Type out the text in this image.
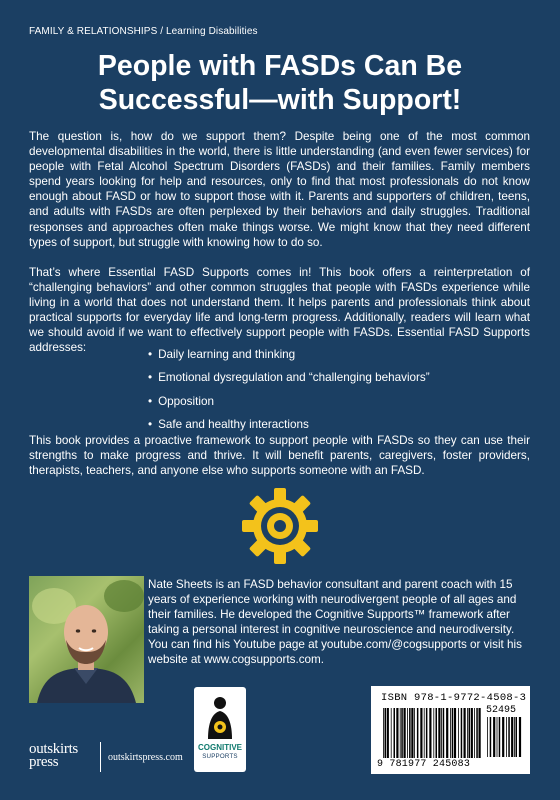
FAMILY & RELATIONSHIPS / Learning Disabilities
People with FASDs Can Be
Successful—with Support!

The question is, how do we support them? Despite being one of the most common developmental disabilities in the world, there is little understanding (and even fewer services) for people with Fetal Alcohol Spectrum Disorders (FASDs) and their families. Family members spend years looking for help and resources, only to find that most professionals do not know enough about FASD or how to support those with it. Parents and supporters of children, teens, and adults with FASDs are often perplexed by their behaviors and daily struggles. Traditional responses and approaches often make things worse. We might know that they need different types of support, but struggle with knowing how to do so.

That’s where Essential FASD Supports comes in! This book offers a reinterpretation of “challenging behaviors” and other common struggles that people with FASDs experience while living in a world that does not understand them. It helps parents and professionals think about practical supports for everyday life and long-term progress. Additionally, readers will learn what we should avoid if we want to effectively support people with FASDs. Essential FASD Supports addresses:

• Daily learning and thinking
• Emotional dysregulation and “challenging behaviors”
• Opposition
• Safe and healthy interactions

This book provides a proactive framework to support people with FASDs so they can use their strengths to make progress and thrive. It will benefit parents, caregivers, foster providers, therapists, teachers, and anyone else who supports someone with an FASD.

Nate Sheets is an FASD behavior consultant and parent coach with 15 years of experience working with neurodivergent people of all ages and their families. He developed the Cognitive Supports™ framework after taking a personal interest in cognitive neuroscience and neurodiversity. You can find his Youtube page at youtube.com/@cogsupports or visit his website at www.cogsupports.com.

COGNITIVE
SUPPORTS
outskirts
press	outskirtspress.com
ISBN 978-1-9772-4508-3
52495
9 781977 245083
